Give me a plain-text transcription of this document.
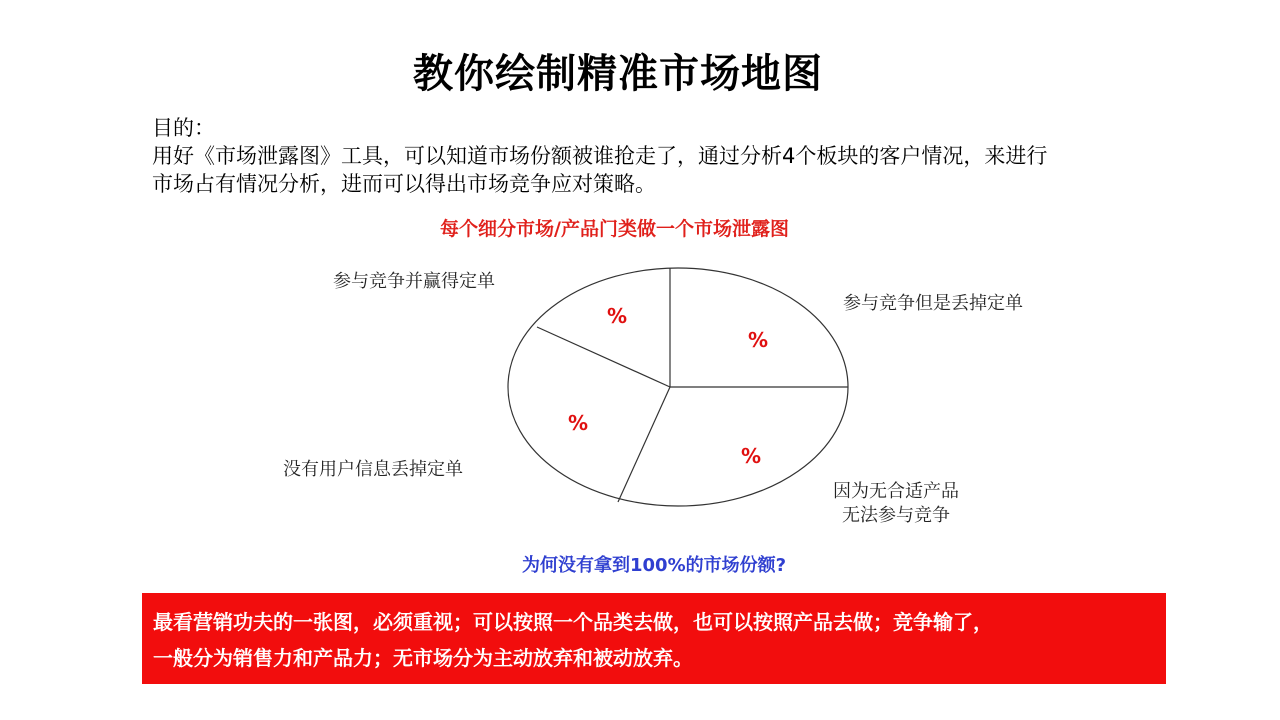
教你绘制精准市场地图
目的：
用好《市场泄露图》工具，可以知道市场份额被谁抢走了，通过分析4个板块的客户情况，来进行
市场占有情况分析，进而可以得出市场竞争应对策略。
每个细分市场/产品门类做一个市场泄露图
参与竞争并赢得定单
参与竞争但是丢掉定单
因为无合适产品
无法参与竞争
没有用户信息丢掉定单
%
%
%
%
为何没有拿到100%的市场份额?
最看营销功夫的一张图，必须重视；可以按照一个品类去做，也可以按照产品去做；竞争输了，
一般分为销售力和产品力；无市场分为主动放弃和被动放弃。
